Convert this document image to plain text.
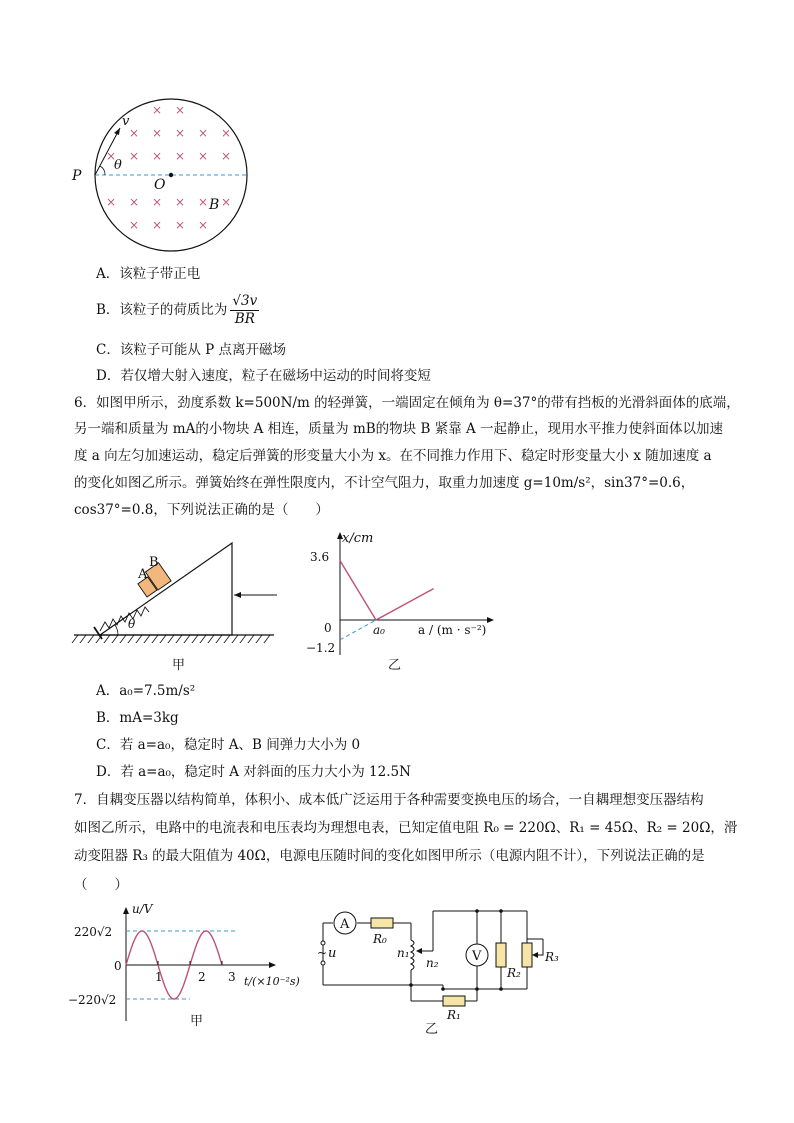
× ×
× × × × ×
× × × × × ×
× × × × × ×
× × × ×
P
O
B
v
θ
A．该粒子带正电
B．该粒子的荷质比为 $\frac{√3v}{BR}$
C．该粒子可能从 P 点离开磁场
D．若仅增大射入速度，粒子在磁场中运动的时间将变短
6．如图甲所示，劲度系数 k=500N/m 的轻弹簧，一端固定在倾角为 θ=37°的带有挡板的光滑斜面体的底端，
另一端和质量为 mA的小物块 A 相连，质量为 mB的物块 B 紧靠 A 一起静止，现用水平推力使斜面体以加速
度 a 向左匀加速运动，稳定后弹簧的形变量大小为 x。在不同推力作用下、稳定时形变量大小 x 随加速度 a
的变化如图乙所示。弹簧始终在弹性限度内，不计空气阻力，取重力加速度 g=10m/s²，sin37°=0.6，
cos37°=0.8，下列说法正确的是（　　）
A
B
θ
甲
x/cm
a / (m · s⁻²)
0
3.6
−1.2
a₀
乙
A．a₀=7.5m/s²
B．mA=3kg
C．若 a=a₀，稳定时 A、B 间弹力大小为 0
D．若 a=a₀，稳定时 A 对斜面的压力大小为 12.5N
7．自耦变压器以结构简单，体积小、成本低广泛运用于各种需要变换电压的场合，一自耦理想变压器结构
如图乙所示，电路中的电流表和电压表均为理想电表，已知定值电阻 R₀ = 220Ω、R₁ = 45Ω、R₂ = 20Ω，滑
动变阻器 R₃ 的最大阻值为 40Ω，电源电压随时间的变化如图甲所示（电源内阻不计），下列说法正确的是
（　　）
u/V
220√2
−220√2
0
1	2 3 t/(×10⁻²s)
甲
A
R₀
~ u	n₁
n₂	V
R₂
R₃
R₁
乙
